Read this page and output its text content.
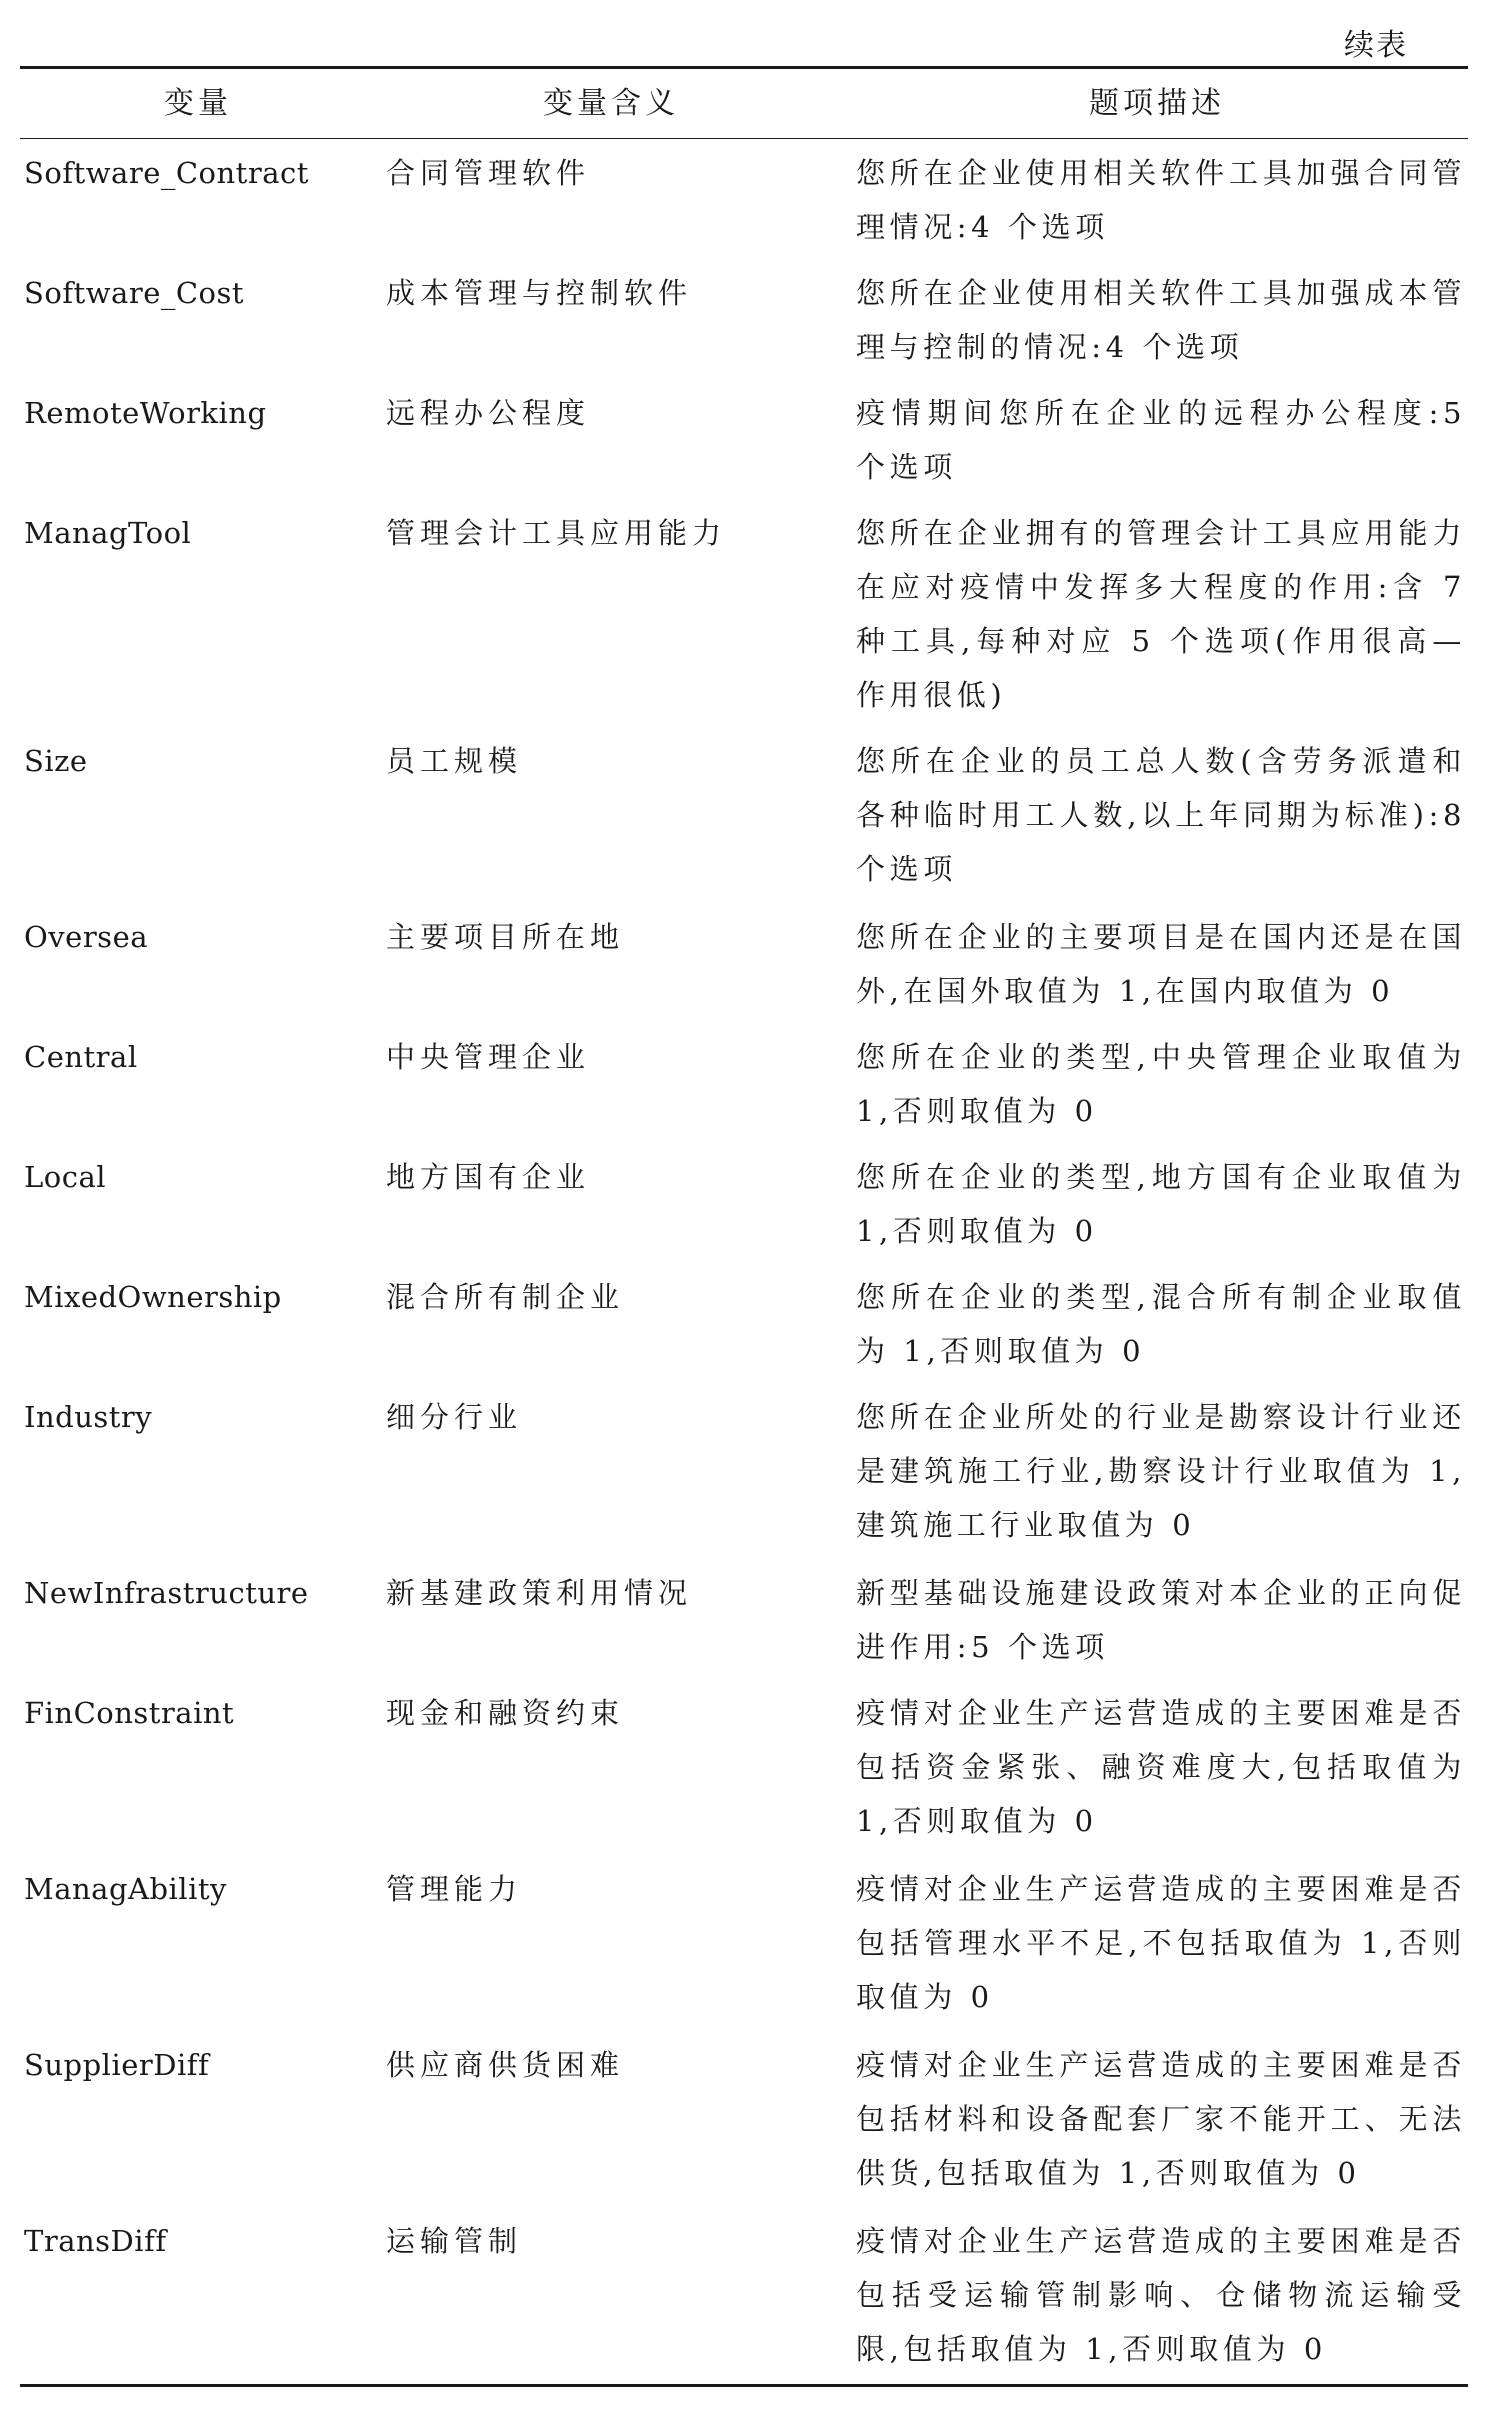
续表
变量	变量含义	题项描述
Software_Contract	合同管理软件	您所在企业使用相关软件工具加强合同管理情况:4 个选项
Software_Cost	成本管理与控制软件	您所在企业使用相关软件工具加强成本管理与控制的情况:4 个选项
RemoteWorking	远程办公程度	疫情期间您所在企业的远程办公程度:5 个选项
ManagTool	管理会计工具应用能力	您所在企业拥有的管理会计工具应用能力在应对疫情中发挥多大程度的作用:含 7 种工具,每种对应 5 个选项(作用很高—作用很低)
Size	员工规模	您所在企业的员工总人数(含劳务派遣和各种临时用工人数,以上年同期为标准):8 个选项
Oversea	主要项目所在地	您所在企业的主要项目是在国内还是在国外,在国外取值为 1,在国内取值为 0
Central	中央管理企业	您所在企业的类型,中央管理企业取值为 1,否则取值为 0
Local	地方国有企业	您所在企业的类型,地方国有企业取值为 1,否则取值为 0
MixedOwnership	混合所有制企业	您所在企业的类型,混合所有制企业取值为 1,否则取值为 0
Industry	细分行业	您所在企业所处的行业是勘察设计行业还是建筑施工行业,勘察设计行业取值为 1,建筑施工行业取值为 0
NewInfrastructure	新基建政策利用情况	新型基础设施建设政策对本企业的正向促进作用:5 个选项
FinConstraint	现金和融资约束	疫情对企业生产运营造成的主要困难是否包括资金紧张、融资难度大,包括取值为 1,否则取值为 0
ManagAbility	管理能力	疫情对企业生产运营造成的主要困难是否包括管理水平不足,不包括取值为 1,否则取值为 0
SupplierDiff	供应商供货困难	疫情对企业生产运营造成的主要困难是否包括材料和设备配套厂家不能开工、无法供货,包括取值为 1,否则取值为 0
TransDiff	运输管制	疫情对企业生产运营造成的主要困难是否包括受运输管制影响、仓储物流运输受限,包括取值为 1,否则取值为 0
